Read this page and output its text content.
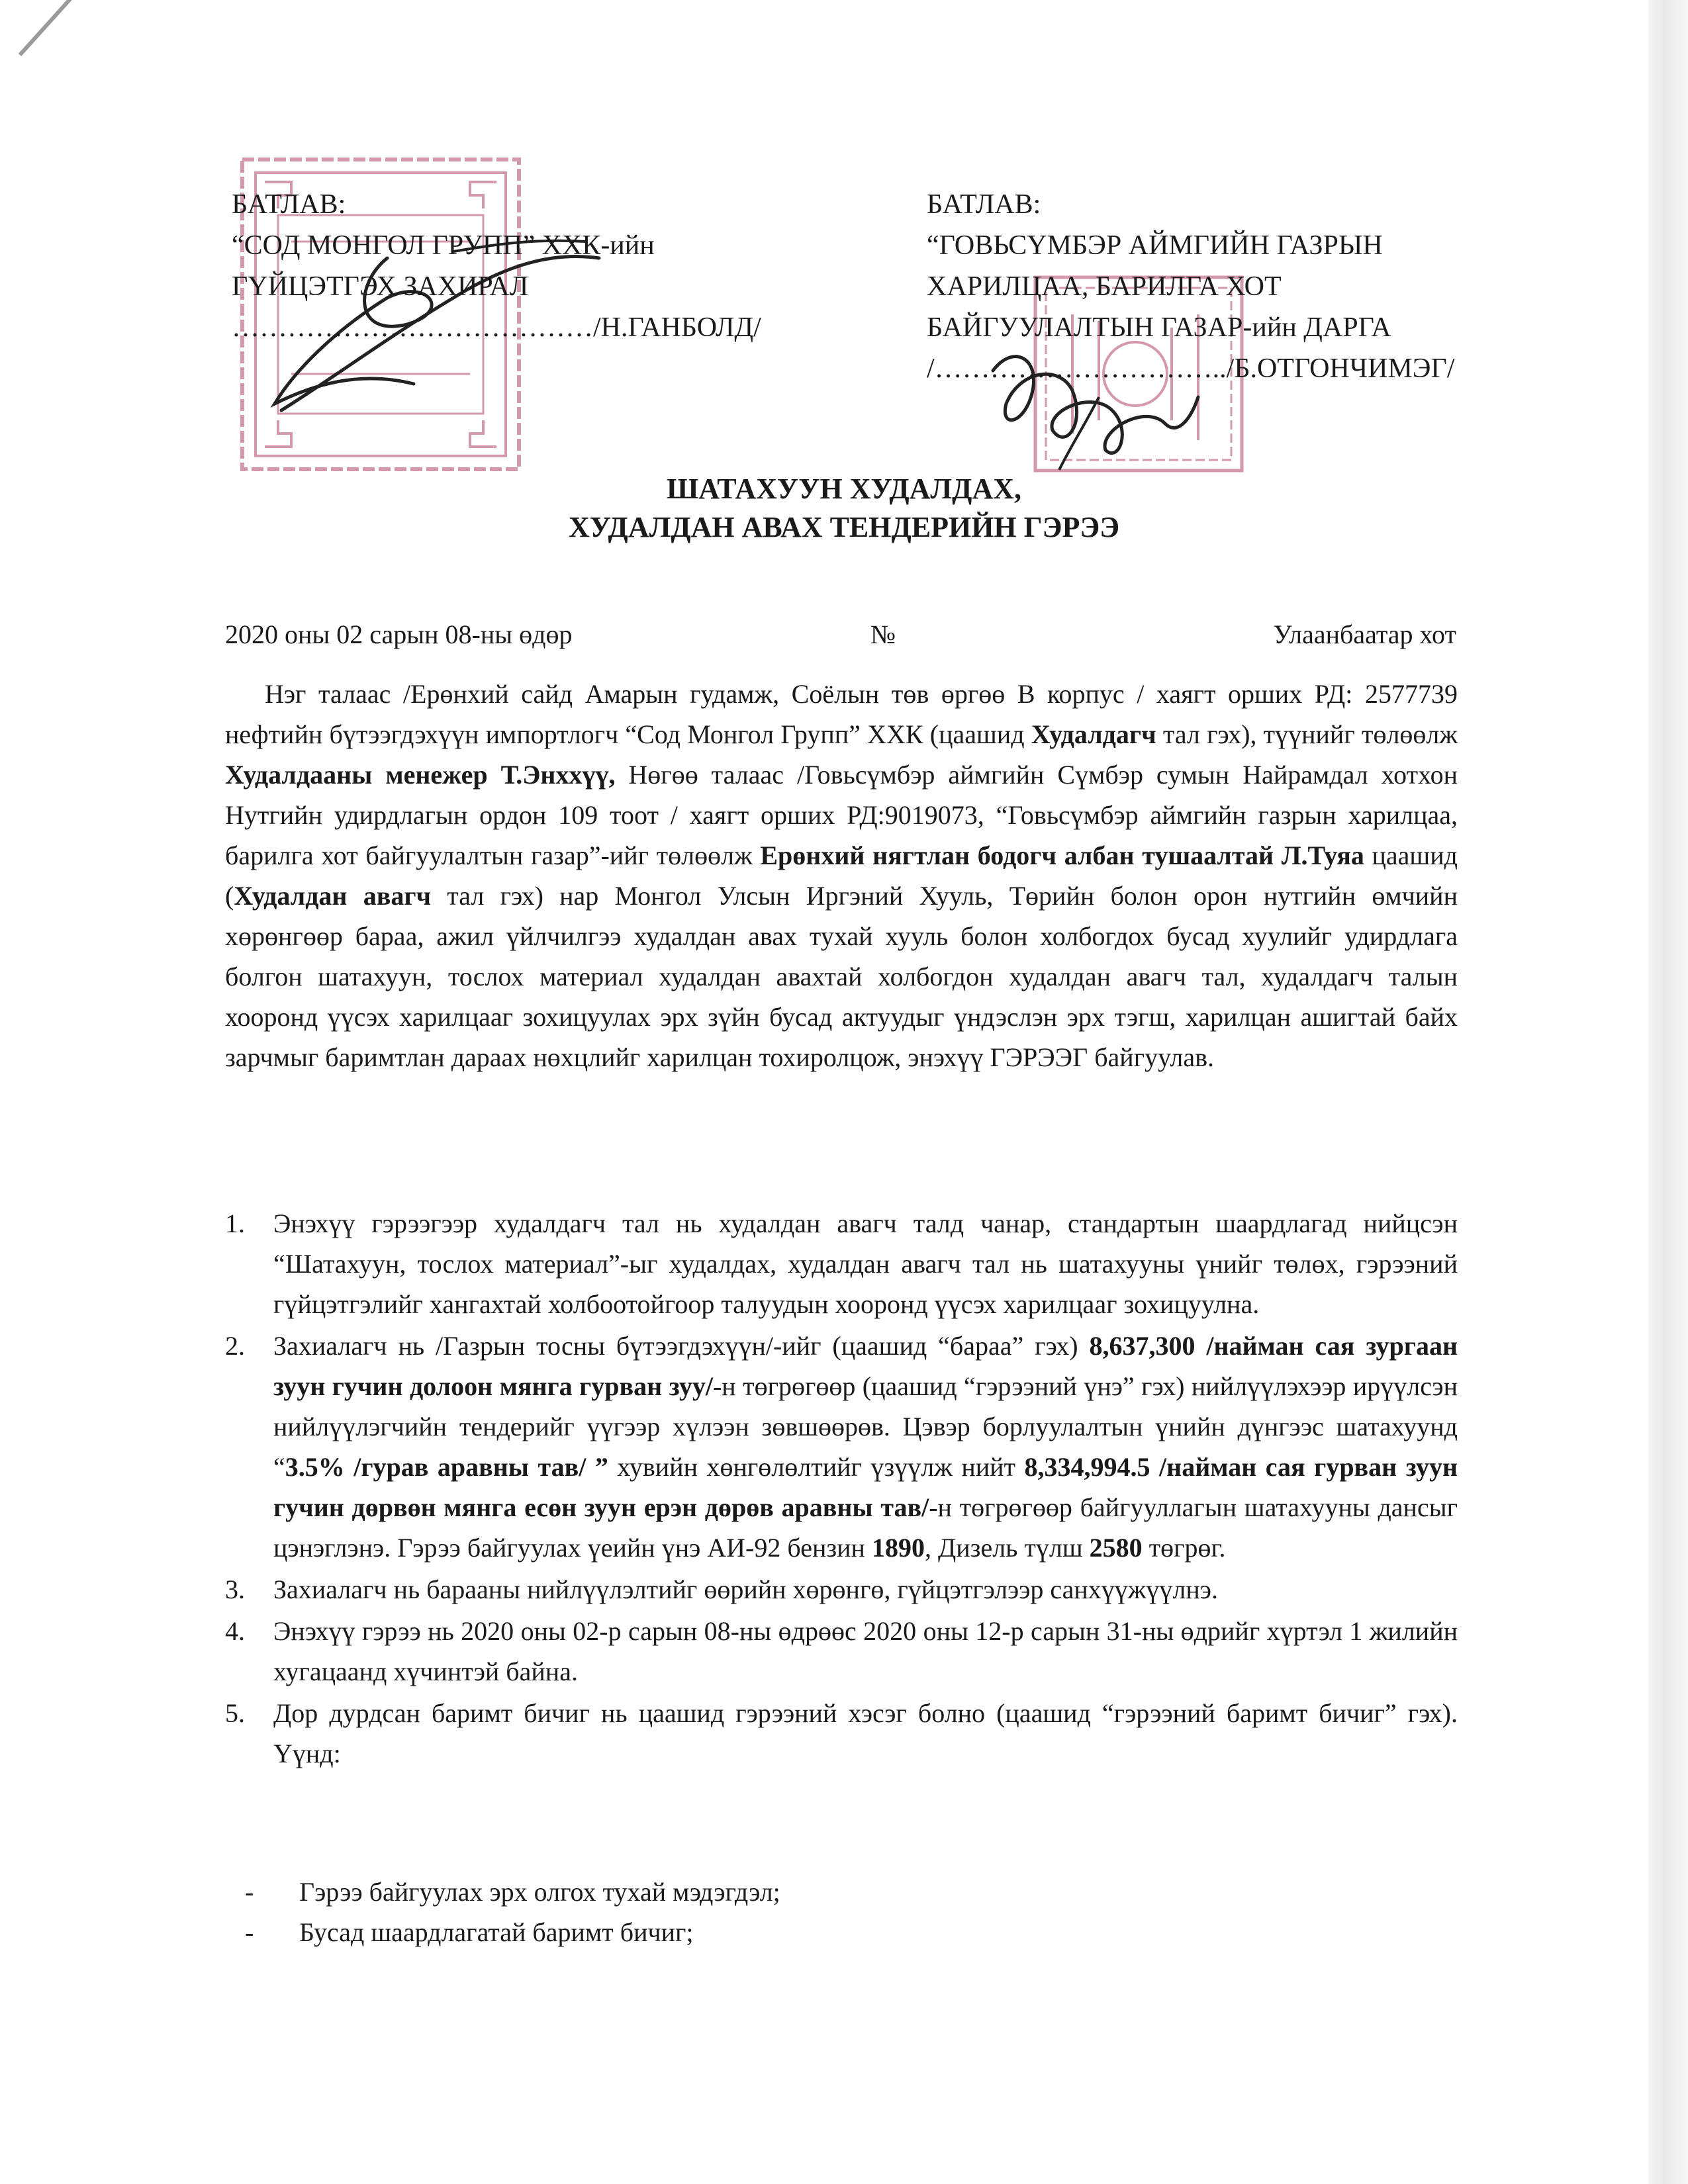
БАТЛАВ:
“СОД МОНГОЛ ГРУПП” ХХК-ийн
ГҮЙЦЭТГЭХ ЗАХИРАЛ
…………………………………/Н.ГАНБОЛД/
БАТЛАВ:
“ГОВЬСҮМБЭР АЙМГИЙН ГАЗРЫН
ХАРИЛЦАА, БАРИЛГА ХОТ
БАЙГУУЛАЛТЫН ГАЗАР-ийн ДАРГА
/…………………………../Б.ОТГОНЧИМЭГ/
ШАТАХУУН ХУДАЛДАХ,
ХУДАЛДАН АВАХ ТЕНДЕРИЙН ГЭРЭЭ
2020 оны 02 сарын 08-ны өдөр	№	Улаанбаатар хот

Нэг талаас /Ерөнхий сайд Амарын гудамж, Соёлын төв өргөө В корпус / хаягт орших РД: 2577739 нефтийн бүтээгдэхүүн импортлогч “Сод Монгол Групп” ХХК (цаашид Худалдагч тал гэх), түүнийг төлөөлж Худалдааны менежер Т.Энххүү, Нөгөө талаас /Говьсүмбэр аймгийн Сүмбэр сумын Найрамдал хотхон Нутгийн удирдлагын ордон 109 тоот / хаягт орших РД:9019073, “Говьсүмбэр аймгийн газрын харилцаа, барилга хот байгуулалтын газар”-ийг төлөөлж Ерөнхий нягтлан бодогч албан тушаалтай Л.Туяа цаашид (Худалдан авагч тал гэх) нар Монгол Улсын Иргэний Хууль, Төрийн болон орон нутгийн өмчийн хөрөнгөөр бараа, ажил үйлчилгээ худалдан авах тухай хууль болон холбогдох бусад хуулийг удирдлага болгон шатахуун, тослох материал худалдан авахтай холбогдон худалдан авагч тал, худалдагч талын хооронд үүсэх харилцааг зохицуулах эрх зүйн бусад актуудыг үндэслэн эрх тэгш, харилцан ашигтай байх зарчмыг баримтлан дараах нөхцлийг харилцан тохиролцож, энэхүү ГЭРЭЭГ байгуулав.

1. Энэхүү гэрээгээр худалдагч тал нь худалдан авагч талд чанар, стандартын шаардлагад нийцсэн “Шатахуун, тослох материал”-ыг худалдах, худалдан авагч тал нь шатахууны үнийг төлөх, гэрээний гүйцэтгэлийг хангахтай холбоотойгоор талуудын хооронд үүсэх харилцааг зохицуулна.
2. Захиалагч нь /Газрын тосны бүтээгдэхүүн/-ийг (цаашид “бараа” гэх) 8,637,300 /найман сая зургаан зуун гучин долоон мянга гурван зуу/-н төгрөгөөр (цаашид “гэрээний үнэ” гэх) нийлүүлэхээр ирүүлсэн нийлүүлэгчийн тендерийг үүгээр хүлээн зөвшөөрөв. Цэвэр борлуулалтын үнийн дүнгээс шатахуунд “3.5% /гурав аравны тав/ ” хувийн хөнгөлөлтийг үзүүлж нийт 8,334,994.5 /найман сая гурван зуун гучин дөрвөн мянга есөн зуун ерэн дөрөв аравны тав/-н төгрөгөөр байгууллагын шатахууны дансыг цэнэглэнэ. Гэрээ байгуулах үеийн үнэ АИ-92 бензин 1890, Дизель түлш 2580 төгрөг.
3. Захиалагч нь барааны нийлүүлэлтийг өөрийн хөрөнгө, гүйцэтгэлээр санхүүжүүлнэ.
4. Энэхүү гэрээ нь 2020 оны 02-р сарын 08-ны өдрөөс 2020 оны 12-р сарын 31-ны өдрийг хүртэл 1 жилийн хугацаанд хүчинтэй байна.
5. Дор дурдсан баримт бичиг нь цаашид гэрээний хэсэг болно (цаашид “гэрээний баримт бичиг” гэх). Үүнд:
- Гэрээ байгуулах эрх олгох тухай мэдэгдэл;
- Бусад шаардлагатай баримт бичиг;
